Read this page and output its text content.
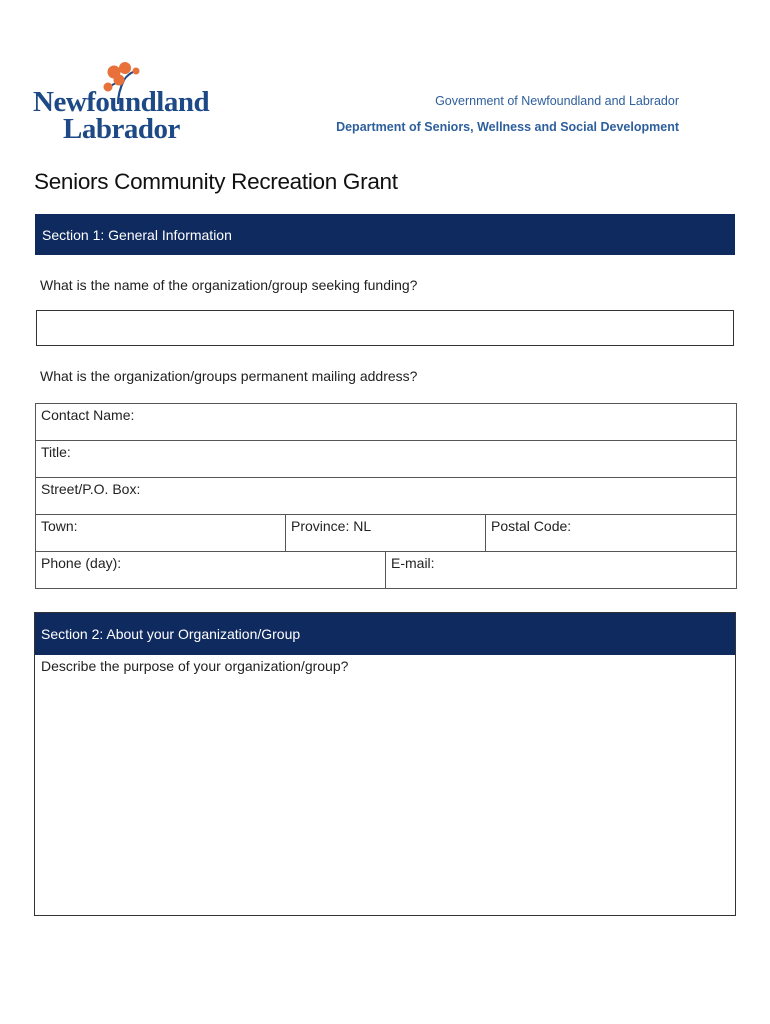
Newfoundland
Labrador
Government of Newfoundland and Labrador
Department of Seniors, Wellness and Social Development
Seniors Community Recreation Grant
Section 1: General Information
What is the name of the organization/group seeking funding?
What is the organization/groups permanent mailing address?
Contact Name:			
Title:			
Street/P.O. Box:			
Town:	Province: NL		Postal Code:
Phone (day):		E-mail:	
Section 2: About your Organization/Group
Describe the purpose of your organization/group?
